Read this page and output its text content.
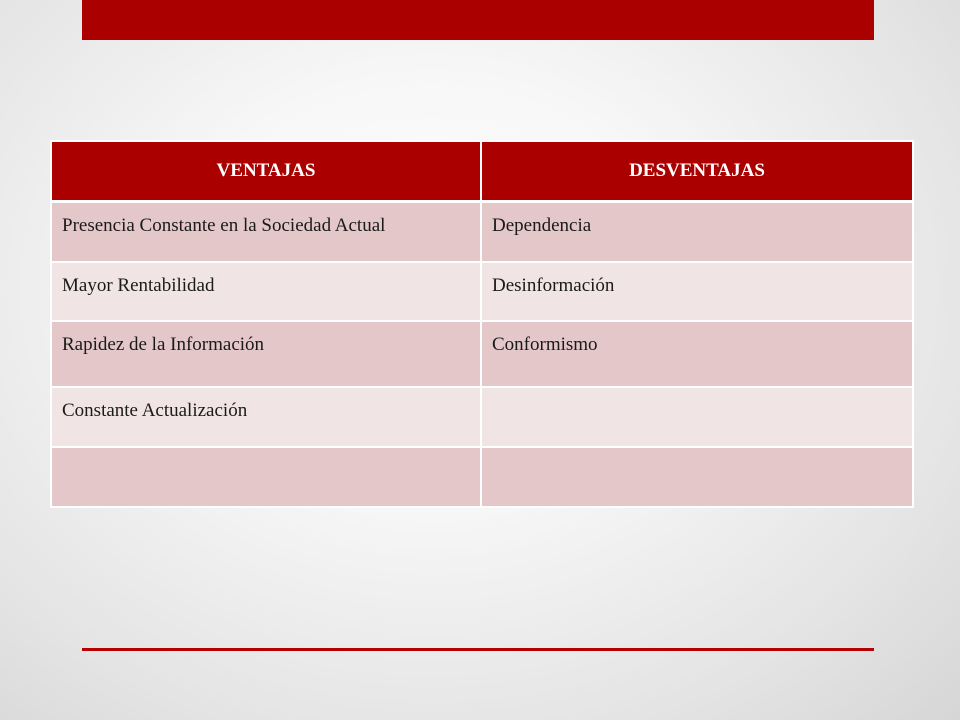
VENTAJAS	DESVENTAJAS
Presencia Constante en la Sociedad Actual	Dependencia
Mayor Rentabilidad	Desinformación
Rapidez de la Información	Conformismo
Constante Actualización	
